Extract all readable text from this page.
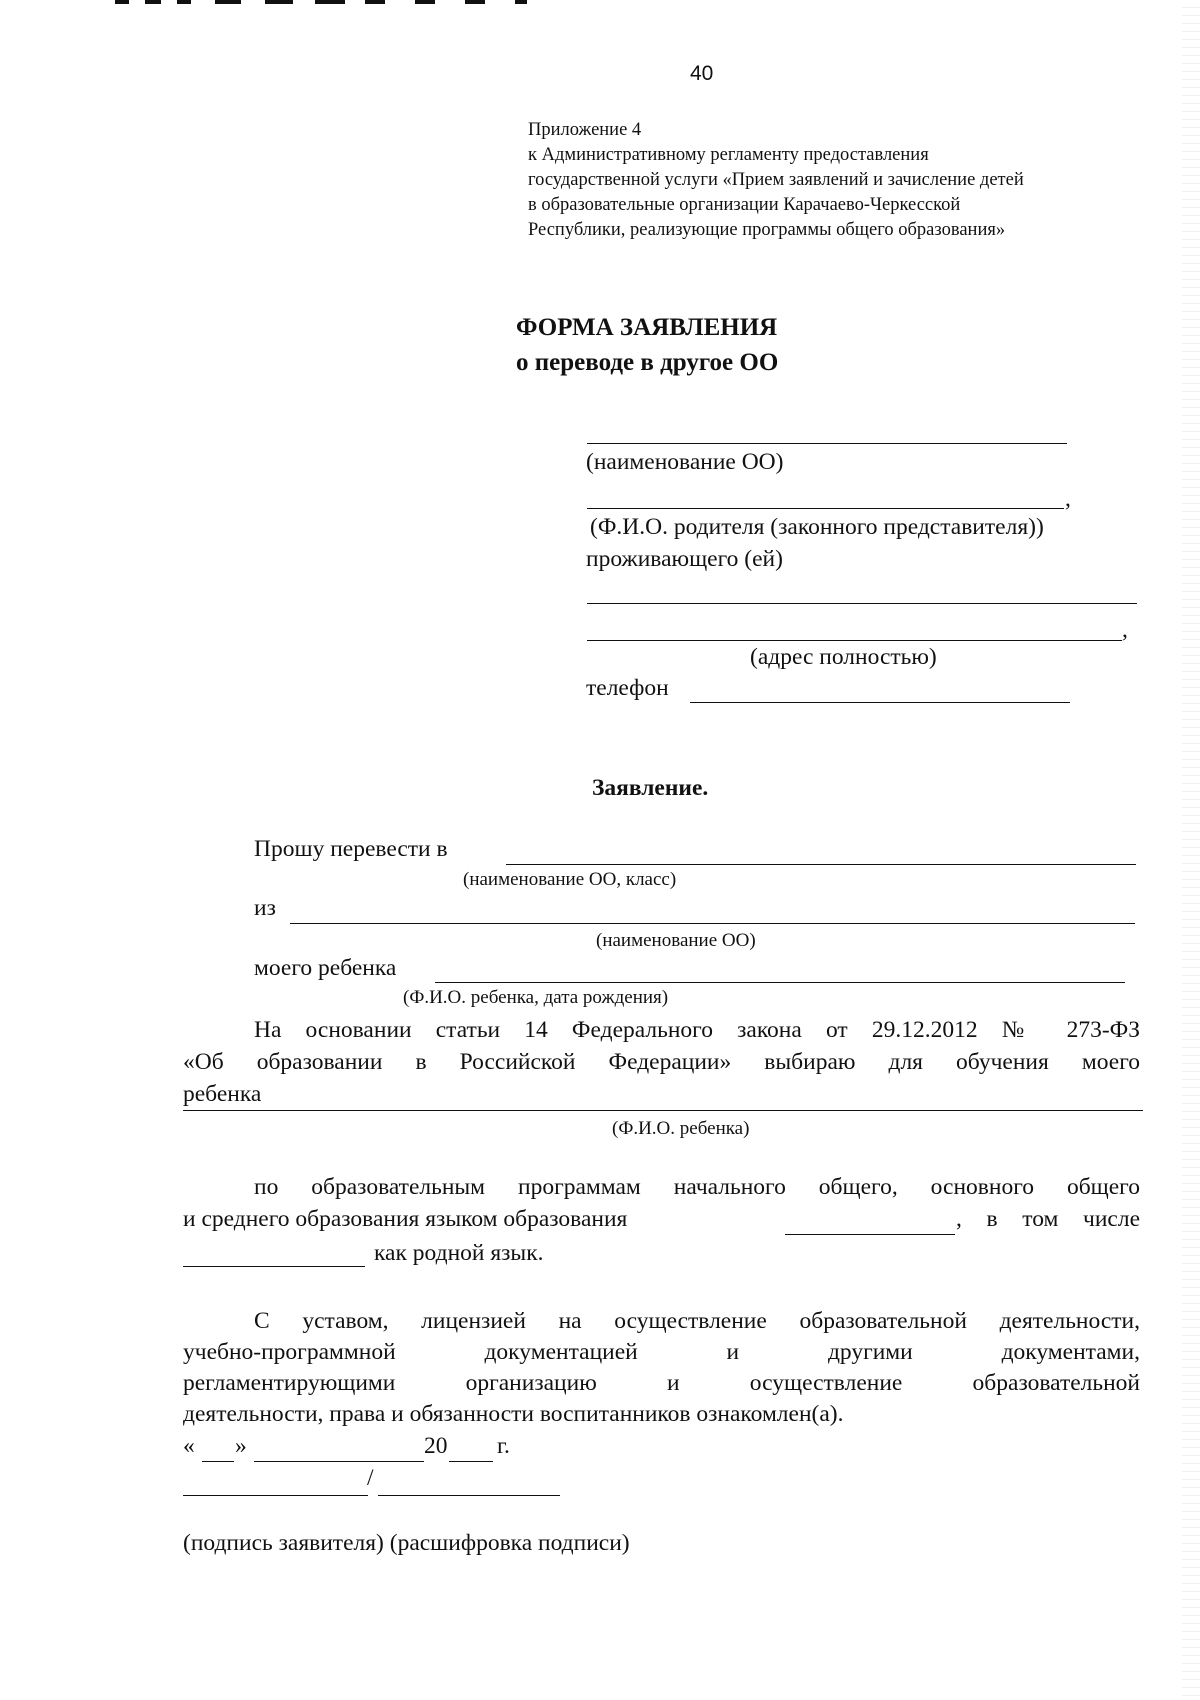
40
Приложение 4
к Административному регламенту предоставления
государственной услуги «Прием заявлений и зачисление детей
в образовательные организации Карачаево-Черкесской
Республики, реализующие программы общего образования»
ФОРМА ЗАЯВЛЕНИЯ
о переводе в другое ОО
(наименование ОО)
,
(Ф.И.О. родителя (законного представителя))
проживающего (ей)
,
(адрес полностью)
телефон
Заявление.
Прошу перевести в
(наименование ОО, класс)
из
(наименование ОО)
моего ребенка
(Ф.И.О. ребенка, дата рождения)
На основании статьи 14 Федерального закона от 29.12.2012 № 273-ФЗ
«Об образовании в Российской Федерации» выбираю для обучения моего
ребенка
(Ф.И.О. ребенка)
по образовательным программам начального общего, основного общего
и среднего образования языком образования	, в том числе
как родной язык.
С уставом, лицензией на осуществление образовательной деятельности,
учебно-программной документацией и другими документами,
регламентирующими организацию и осуществление образовательной
деятельности, права и обязанности воспитанников ознакомлен(а).
« »	20 г.
/
(подпись заявителя) (расшифровка подписи)
